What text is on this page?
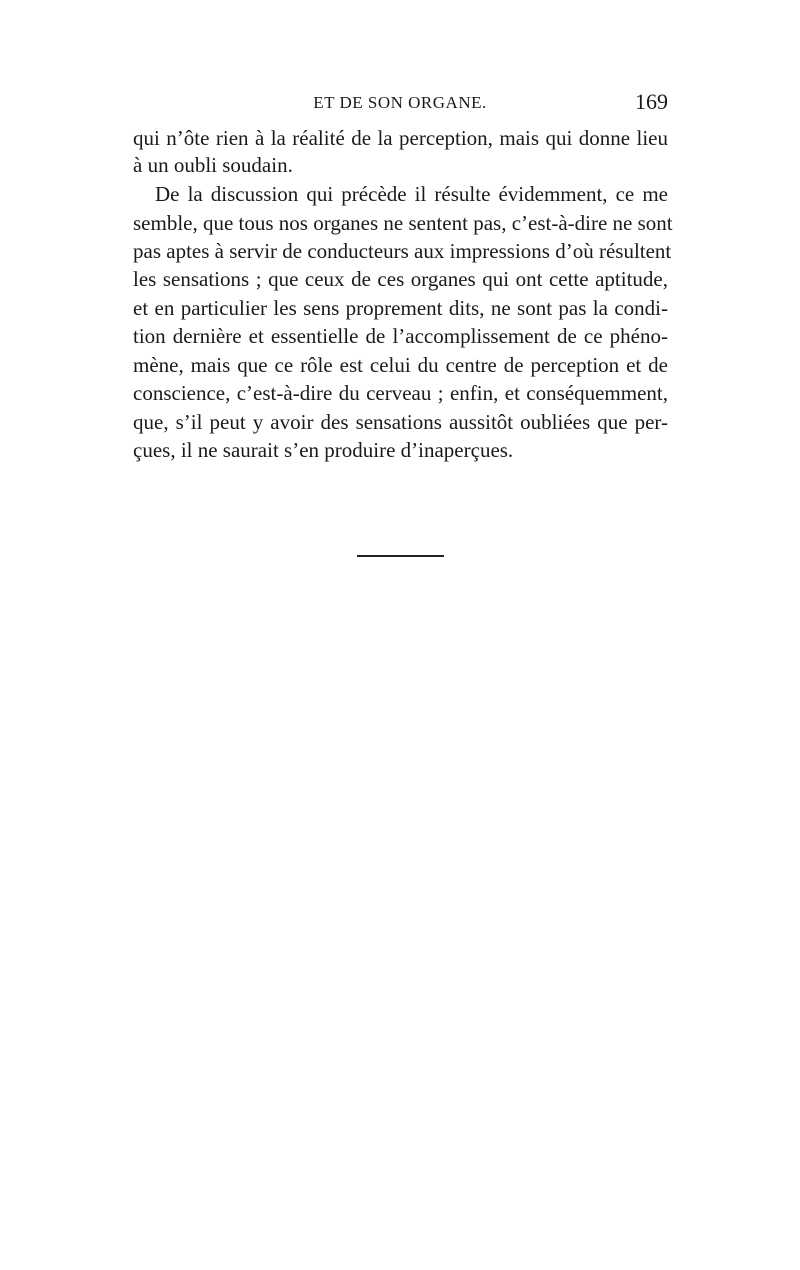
ET DE SON ORGANE.	169
qui n’ôte rien à la réalité de la perception, mais qui donne lieu
à un oubli soudain.
De la discussion qui précède il résulte évidemment, ce me
semble, que tous nos organes ne sentent pas, c’est-à-dire ne sont
pas aptes à servir de conducteurs aux impressions d’où résultent
les sensations ; que ceux de ces organes qui ont cette aptitude,
et en particulier les sens proprement dits, ne sont pas la condi-
tion dernière et essentielle de l’accomplissement de ce phéno-
mène, mais que ce rôle est celui du centre de perception et de
conscience, c’est-à-dire du cerveau ; enfin, et conséquemment,
que, s’il peut y avoir des sensations aussitôt oubliées que per-
çues, il ne saurait s’en produire d’inaperçues.
